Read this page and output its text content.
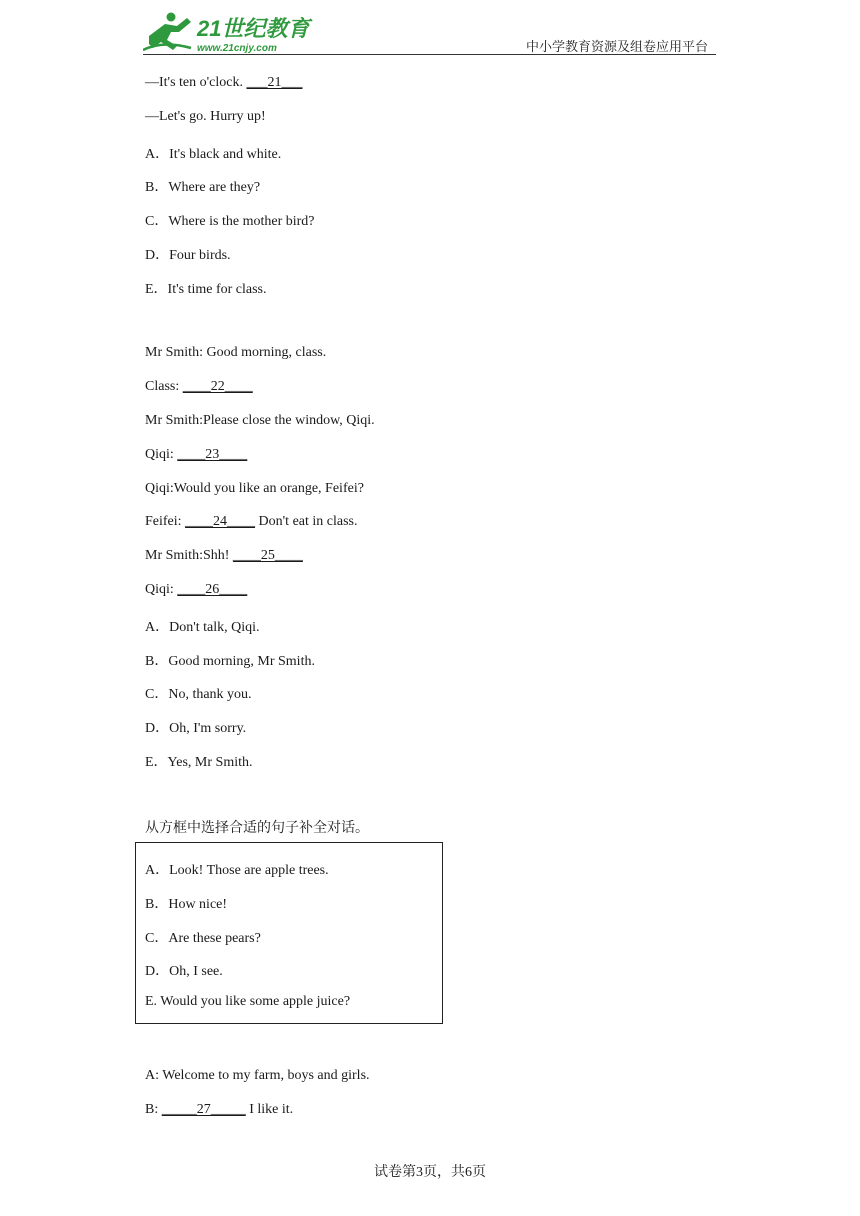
21世纪教育
www.21cnjy.com	中小学教育资源及组卷应用平台
—It's ten o'clock. ___21___
—Let's go. Hurry up!
A．It's black and white.
B．Where are they?
C．Where is the mother bird?
D．Four birds.
E．It's time for class.
Mr Smith: Good morning, class.
Class: ____22____
Mr Smith:Please close the window, Qiqi.
Qiqi: ____23____
Qiqi:Would you like an orange, Feifei?
Feifei: ____24____ Don't eat in class.
Mr Smith:Shh! ____25____
Qiqi: ____26____
A．Don't talk, Qiqi.
B．Good morning, Mr Smith.
C．No, thank you.
D．Oh, I'm sorry.
E．Yes, Mr Smith.
从方框中选择合适的句子补全对话。
A．Look! Those are apple trees.
B．How nice!
C．Are these pears?
D．Oh, I see.
E. Would you like some apple juice?
A: Welcome to my farm, boys and girls.
B: _____27_____ I like it.
试卷第3页，共6页
